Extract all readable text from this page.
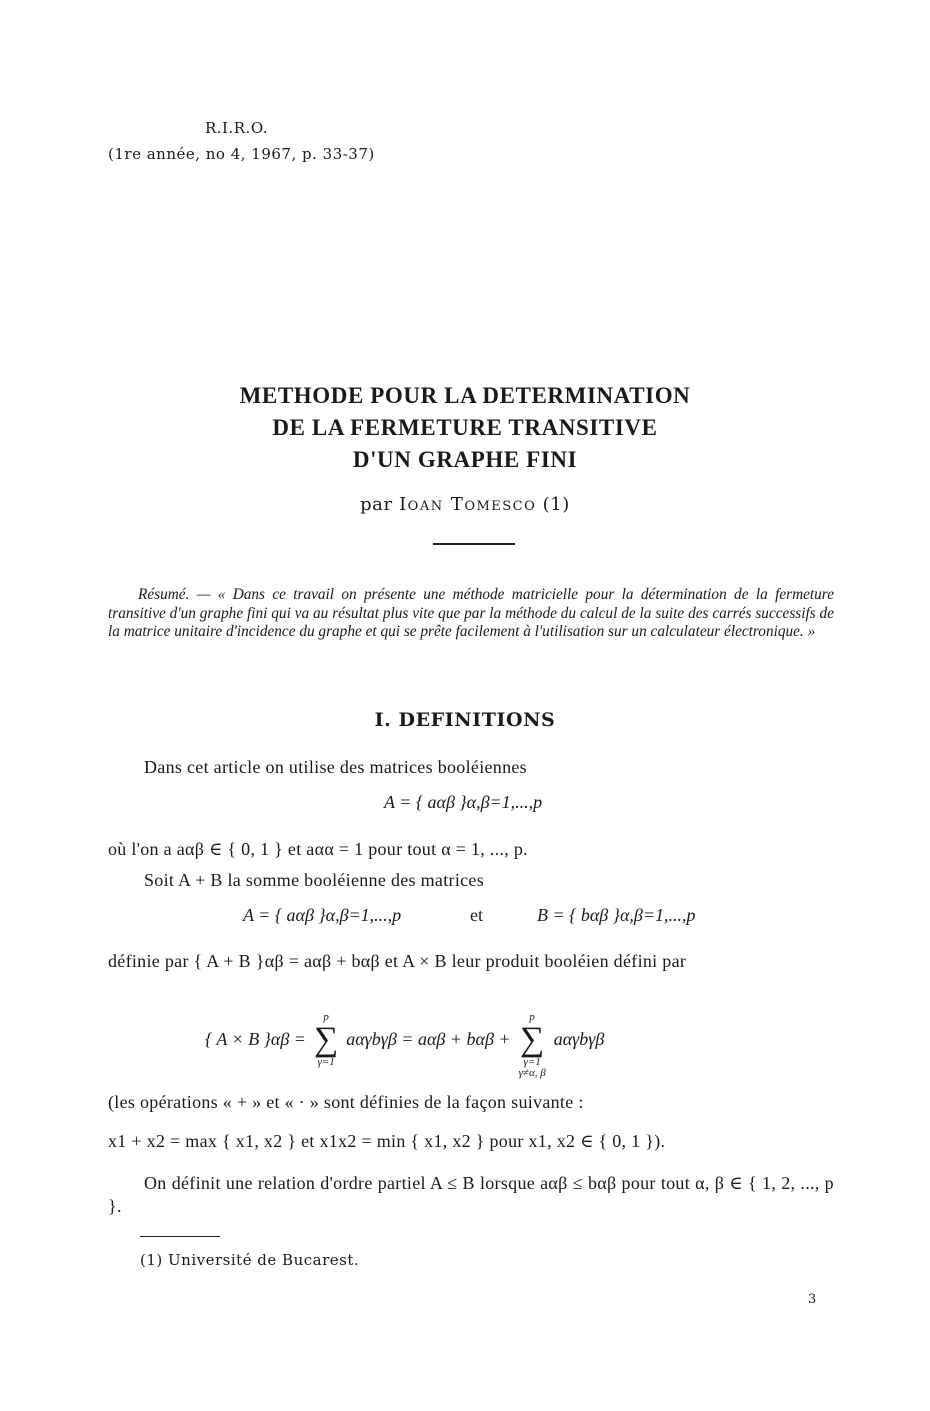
R.I.R.O.
(1re année, no 4, 1967, p. 33-37)
METHODE POUR LA DETERMINATION
DE LA FERMETURE TRANSITIVE
D'UN GRAPHE FINI
par Ioan Tomesco (1)
Résumé. — « Dans ce travail on présente une méthode matricielle pour la détermination de la fermeture transitive d'un graphe fini qui va au résultat plus vite que par la méthode du calcul de la suite des carrés successifs de la matrice unitaire d'incidence du graphe et qui se prête facilement à l'utilisation sur un calculateur électronique. »
I. DEFINITIONS
Dans cet article on utilise des matrices booléiennes
A = { aαβ }α,β=1,...,p
où l'on a aαβ ∈ { 0, 1 } et aαα = 1 pour tout α = 1, ..., p.
Soit A + B la somme booléienne des matrices
A = { aαβ }α,β=1,...,p	et	B = { bαβ }α,β=1,...,p
définie par { A + B }αβ = aαβ + bαβ et A × B leur produit booléien défini par
{ A × B }αβ =
p
∑
γ=1
aαγbγβ = aαβ + bαβ +
p
∑
γ=1
γ≠α, β
aαγbγβ
(les opérations « + » et « · » sont définies de la façon suivante :
x1 + x2 = max { x1, x2 } et x1x2 = min { x1, x2 } pour x1, x2 ∈ { 0, 1 }).
On définit une relation d'ordre partiel A ≤ B lorsque aαβ ≤ bαβ pour tout α, β ∈ { 1, 2, ..., p }.
(1) Université de Bucarest.
3
